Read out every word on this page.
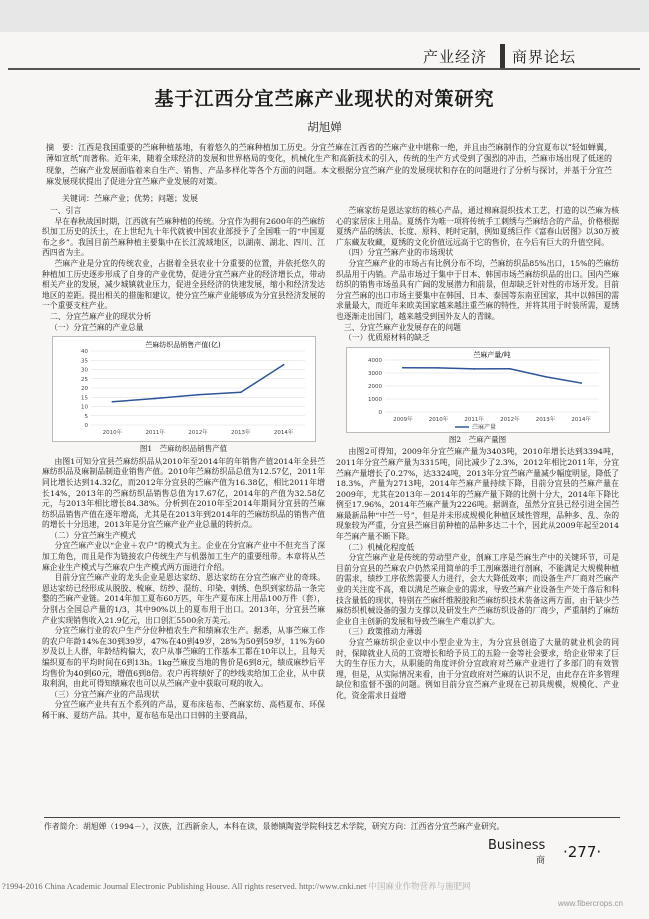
产业经济 商界论坛
基于江西分宜苎麻产业现状的对策研究
胡旭婵
摘　要：江西是我国重要的苎麻种植基地，有着悠久的苎麻种植加工历史。分宜苎麻在江西省的苎麻产业中堪称一绝，并且由苎麻制作的分宜夏布以“轻如蝉翼，薄如宣纸”而著称。近年来，随着全球经济的发展和世界格局的变化，机械化生产和高新技术的引入，传统的生产方式受到了强烈的冲击，苎麻市场出现了低迷的现象，苎麻产业发展面临着来自生产、销售、产品多样化等各个方面的问题。本文根据分宜苎麻产业的发展现状和存在的问题进行了分析与探讨，并基于分宜苎麻发展现状提出了促进分宜苎麻产业发展的对策。
关键词：苎麻产业；优势；问题；发展

一、引言

早在春秋战国时期，江西就有苎麻种植的传统。分宜作为拥有2600年的苎麻纺织加工历史的沃土，在上世纪九十年代就被中国农业部授予了全国唯一的“中国夏布之乡”。我国目前苎麻种植主要集中在长江流域地区，以湖南、湖北、四川、江西四省为主。

苎麻产业是分宜的传统农业，占据着全县农业十分重要的位置，并依托悠久的种植加工历史逐步形成了自身的产业优势，促进分宜苎麻产业的经济增长点，带动相关产业的发展，减少城镇就业压力，促进全县经济的快速发展，缩小和经济发达地区的差距。提出相关的措施和建议，使分宜苎麻产业能够成为分宜县经济发展的一个重要支柱产业。

二、分宜苎麻产业的现状分析

（一）分宜苎麻的产业总量

苎麻纺织品销售产值(亿)
0
5
10
15
20
25
30
35
40
2010年	2011年	2012年	2013年	2014年
图1　苎麻纺织品销售产值

由图1可知分宜县苎麻纺织品从2010年至2014年的年销售产值2014年全县苎麻纺织品及麻制品制造业销售产值。2010年苎麻纺织品总值为12.57亿，2011年同比增长达到14.32亿，而2012年分宜县的苎麻产值为16.38亿，相比2011年增长14%，2013年的苎麻纺织品销售总值为17.67亿，2014年的产值为32.58亿元，与2013年相比增长84.38%。分析到在2010年至2014年期间分宜县的苎麻纺织品销售产值在逐年增高，尤其是在2013年到2014年的苎麻纺织品的销售产值的增长十分迅速，2013年是分宜苎麻产业产业总量的转折点。

（二）分宜苎麻生产模式

分宜苎麻产业以“企业＋农户”的模式为主。企业在分宜麻产业中不但充当了深加工角色，而且是作为链接农户传统生产与机器加工生产的重要纽带。本章将从苎麻企业生产模式与苎麻农户生产模式两方面进行介绍。

目前分宜苎麻产业的龙头企业是恩达家纺、恩达家纺在分宜苎麻产业的奇珠。恩达家纺已经形成从脱胶、梳麻、纺纱、混纺、印染、剌绣、色织到家纺品一条完整的苎麻产业链。2014年加工夏布60万匹，年生产夏布床上用品100万件（套），分别占全国总产量的1/3，其中90%以上的夏布用于出口。2013年，分宜县苎麻产业实现销售收入21.9亿元，出口创汇5500余万美元。

分宜苎麻行业的农户生产分位种植农生产和绩麻农生产。据悉，从事苎麻工作的农户年龄14%在30到39岁，47%在40到49岁，28%为50到59岁，11%为60岁及以上人群，年龄结构偏大，农户从事苎麻的工作基本工都在10年以上，且每天编织夏布的平均时间在6到13h。1kg苎麻皮当地的售价是6到8元，绩成麻纱后平均售价为40到60元，增值6到8倍。农户再将绩好了的纱线卖给加工企业，从中获取利润，由此可得知绩麻农也可以从苎麻产业中获取可观的收入。

（三）分宜苎麻产业的产品现状

分宜苎麻产业共有五个系列的产品，夏布床毡布、苎麻家纺、高档夏布、环保稀干麻、夏纺产品。其中，夏布毡布是出口日韩的主要商品，

苎麻家纺是恩达家纺的核心产品，通过棉麻混织技术工艺，打造的以苎麻为核心的家居床上用品。夏绣作为唯一项将传统手工刺绣与苎麻结合的产品，价格根据夏绣产品的绣法、长度、原料、耗时定制，例如夏绣巨作《富春山居图》以30万被广东藏友收藏，夏绣的文化价值远远高于它的售价，在今后有巨大的升值空间。

（四）分宜苎麻产业的市场现状

分宜苎麻产业的市场占有比例分布不均，苎麻纺织品85%出口，15%的苎麻纺织品用于内销。产品市场过于集中于日本、韩国市场苎麻纺织品的出口。国内苎麻纺织的销售市场虽具有广阔的发展潜力和前景，但却缺乏针对性的市场开发。目前分宜苎麻的出口市场主要集中在韩国、日本、泰国等东南亚国家，其中以韩国的需求量最大，而近年来欧美国家越来越注重苎麻的特性，并将其用于时装所需，夏绣也逐渐走出国门，越来越受到国外友人的青睐。

三、分宜苎麻产业发展存在的问题

（一）优质原材料的缺乏

苎麻产量/吨
0
1000
2000
3000
4000
2009年	2010年	2011年	2012年	2013年	2014年
苎麻产量
图2　苎麻产量图

由图2可得知，2009年分宜苎麻产量为3403吨，2010年增长达到3394吨，2011年分宜苎麻产量为3315吨，同比减少了2.3%，2012年相比2011年，分宜苎麻产量增长了0.27%，达3324吨，2013年分宜苎麻产量减少幅度明显，降低了18.3%，产量为2713吨，2014年苎麻产量持续下降，目前分宜县的苎麻产量在2009年，尤其在2013年－2014年的苎麻产量下降的比例十分大，2014年下降比例至17.96%，2014年苎麻产量为2226吨。据调查，虽然分宜县已经引进全国苎麻最新品种“中苎一号”，但是并未形成规模化种植区域性管理，品种多、乱、杂的现象较为严重，分宜县苎麻目前种植的品种多达二十个，因此从2009年起至2014年苎麻产量不断下降。

（二）机械化程度低

分宜苎麻产业是传统的劳动型产业，剖麻工序是苎麻生产中的关键环节，可是目前分宜县的苎麻农户仍然采用简单的手工剖麻器进行剖麻，不能满足大规模种植的需求，绩纱工序依然需要人力进行，会大大降低效率；而设备生产厂商对苎麻产业的关注度不高，难以满足苎麻企业的需求，导致苎麻产业设备生产处于落后和科技含量低的现状，特别在苎麻纤维脱胶和苎麻纺织技术装备这两方面，由于缺少苎麻纺织机械设备的强力支撑以及研发生产苎麻纺织设备的厂商少，严重制约了麻纺企业自主创新的发展和导致苎麻生产难以扩大。

（三）政策推动力薄弱

分宜苎麻纺织企业以中小型企业为主，为分宜县创造了大量的就业机会的同时，保障就业人员的工资增长和给予员工的五险一金等社会要求，给企业带来了巨大的生存压力大，从职能的角度评价分宜政府对苎麻产业进行了多部门的有效管理，但是，从实际情况来看，由于分宜政府对苎麻的认识不足，由此存在许多管理缺位和监督不强的问题。例如目前分宜苎麻产业现在已初具规模，规模化、产业化，资金需求日益增

作者简介：胡旭婵（1994－），汉族，江西新余人，本科在读，景德镇陶瓷学院科技艺术学院，研究方向：江西省分宜苎麻产业研究。
Business
商 ·277·
?1994-2016 China Academic Journal Electronic Publishing House. All rights reserved. http://www.cnki.net 中国麻业作物营养与施肥网
www.fibercrops.cn
